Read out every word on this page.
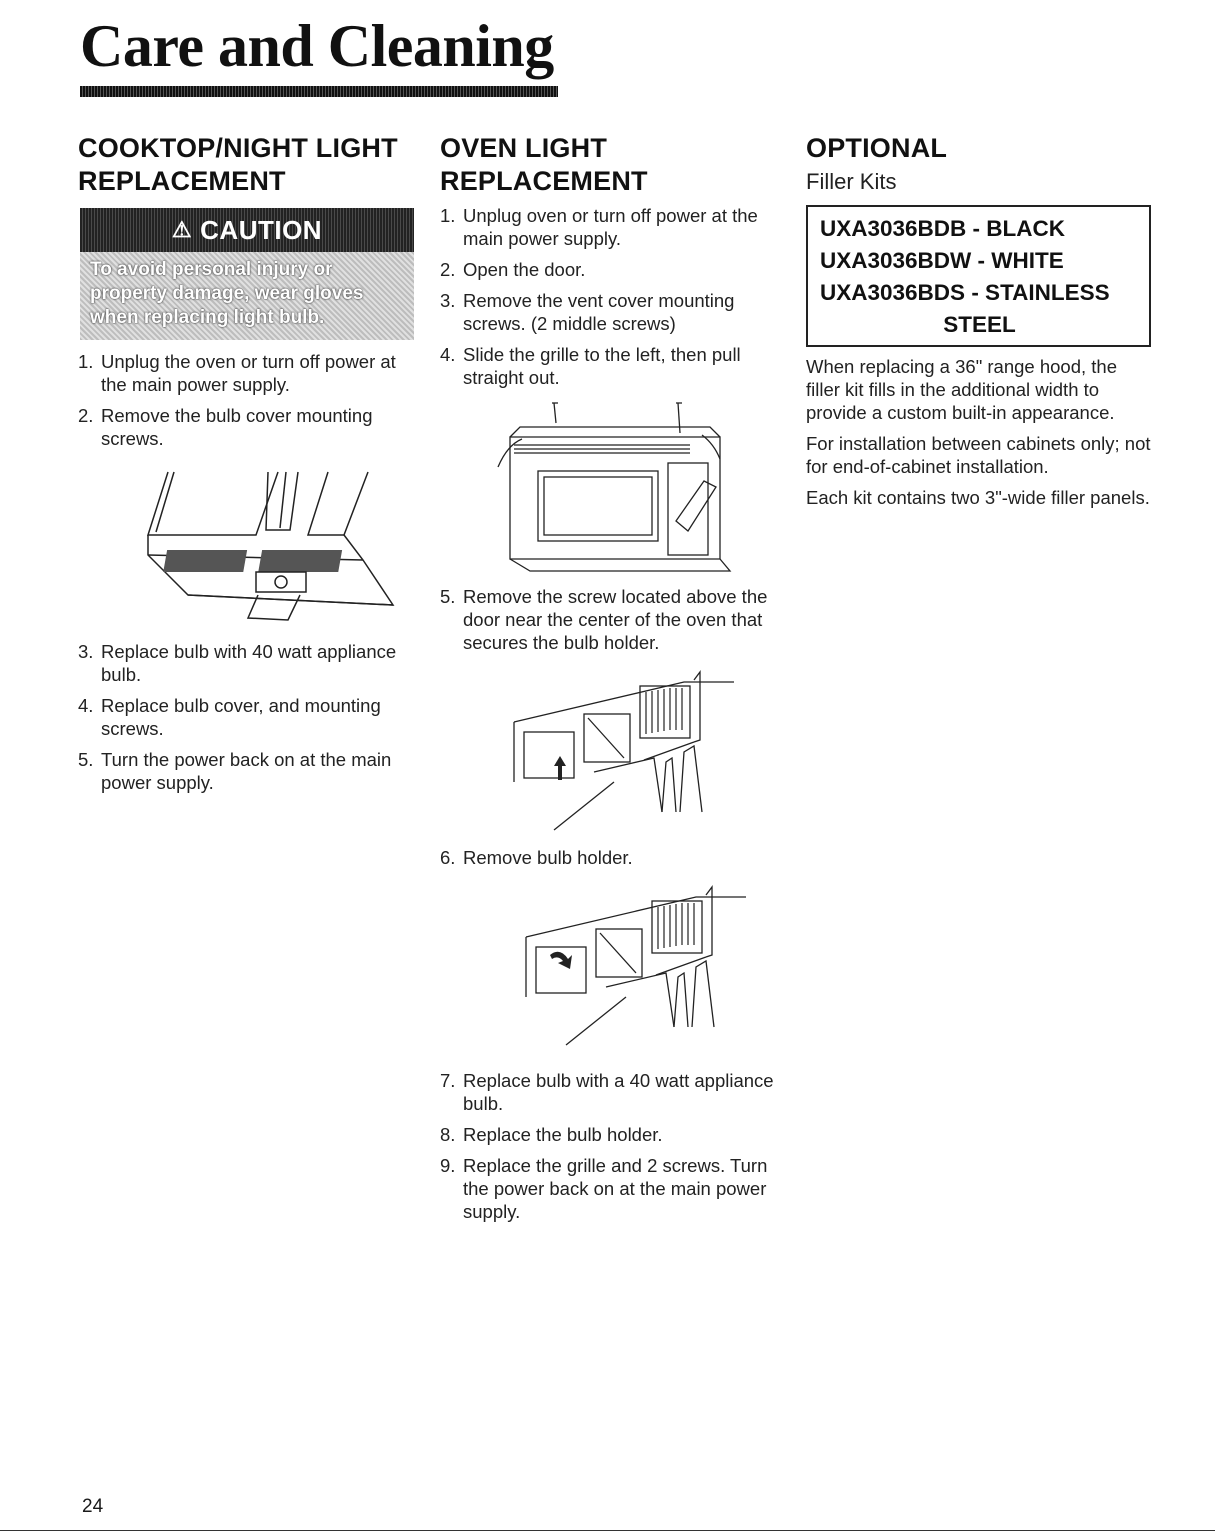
Care and Cleaning
COOKTOP/NIGHT LIGHT
REPLACEMENT
⚠ CAUTION
To avoid personal injury or
property damage, wear gloves
when replacing light bulb.
1. Unplug the oven or turn off power at the main power supply.
2. Remove the bulb cover mounting screws.
3. Replace bulb with 40 watt appliance bulb.
4. Replace bulb cover, and mounting screws.
5. Turn the power back on at the main power supply.
OVEN LIGHT
REPLACEMENT
1. Unplug oven or turn off power at the main power supply.
2. Open the door.
3. Remove the vent cover mounting screws. (2 middle screws)
4. Slide the grille to the left, then pull straight out.
5. Remove the screw located above the door near the center of the oven that secures the bulb holder.
6. Remove bulb holder.
7. Replace bulb with a 40 watt appliance bulb.
8. Replace the bulb holder.
9. Replace the grille and 2 screws. Turn the power back on at the main power supply.
OPTIONAL
Filler Kits
UXA3036BDB - BLACK
UXA3036BDW - WHITE
UXA3036BDS - STAINLESS
STEEL

When replacing a 36" range hood, the filler kit fills in the additional width to provide a custom built-in appearance.

For installation between cabinets only; not for end-of-cabinet installation.

Each kit contains two 3"-wide filler panels.

24
